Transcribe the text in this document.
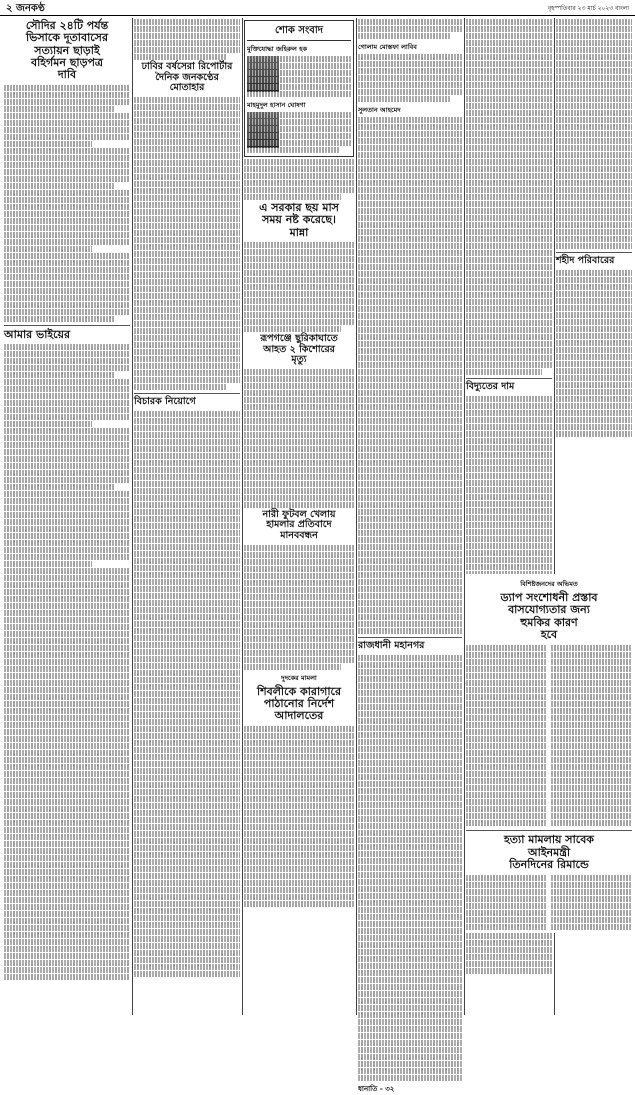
২ জনকণ্ঠ	বৃহস্পতিবার ২৩ মার্চ ২০২৩ বাংলা
সৌদির ২৪টি পর্যন্ত
ভিসাকে দূতাবাসের
সত্যায়ন ছাড়াই
বহির্গমন ছাড়পত্র
দাবি
আমার ভাইয়ের
ঢাবির বর্ষসেরা রিপোর্টার
দৈনিক জনকণ্ঠের
মোতাহার
বিচারক নিয়োগে
শোক সংবাদ
মুক্তিযোদ্ধা জহিরুল হক
মাহমুদুল হাসান ঘোষণা
এ সরকার ছয় মাস
সময় নষ্ট করেছে।
মান্না
রূপগঞ্জে ছুরিকাঘাতে
আহত ২ কিশোরের
মৃত্যু
নারী ফুটবল খেলায়
হামলার প্রতিবাদে
মানববন্ধন
দুদকের মামলা
শিবলীকে কারাগারে
পাঠানোর নির্দেশ
আদালতের
গোলাম মোস্তফা লাবিব
সুলতান আহমেদ
রাজধানী মহানগর
ধানাতি - ৩২
বিদ্যুতের দাম
শহীদ পরিবারের
বিশিষ্টজনদের অভিমত
ড্যাপ সংশোধনী প্রস্তাব
বাসযোগ্যতার জন্য
হুমকির কারণ
হবে
হত্যা মামলায় সাবেক
আইনমন্ত্রী
তিনদিনের রিমান্ডে
